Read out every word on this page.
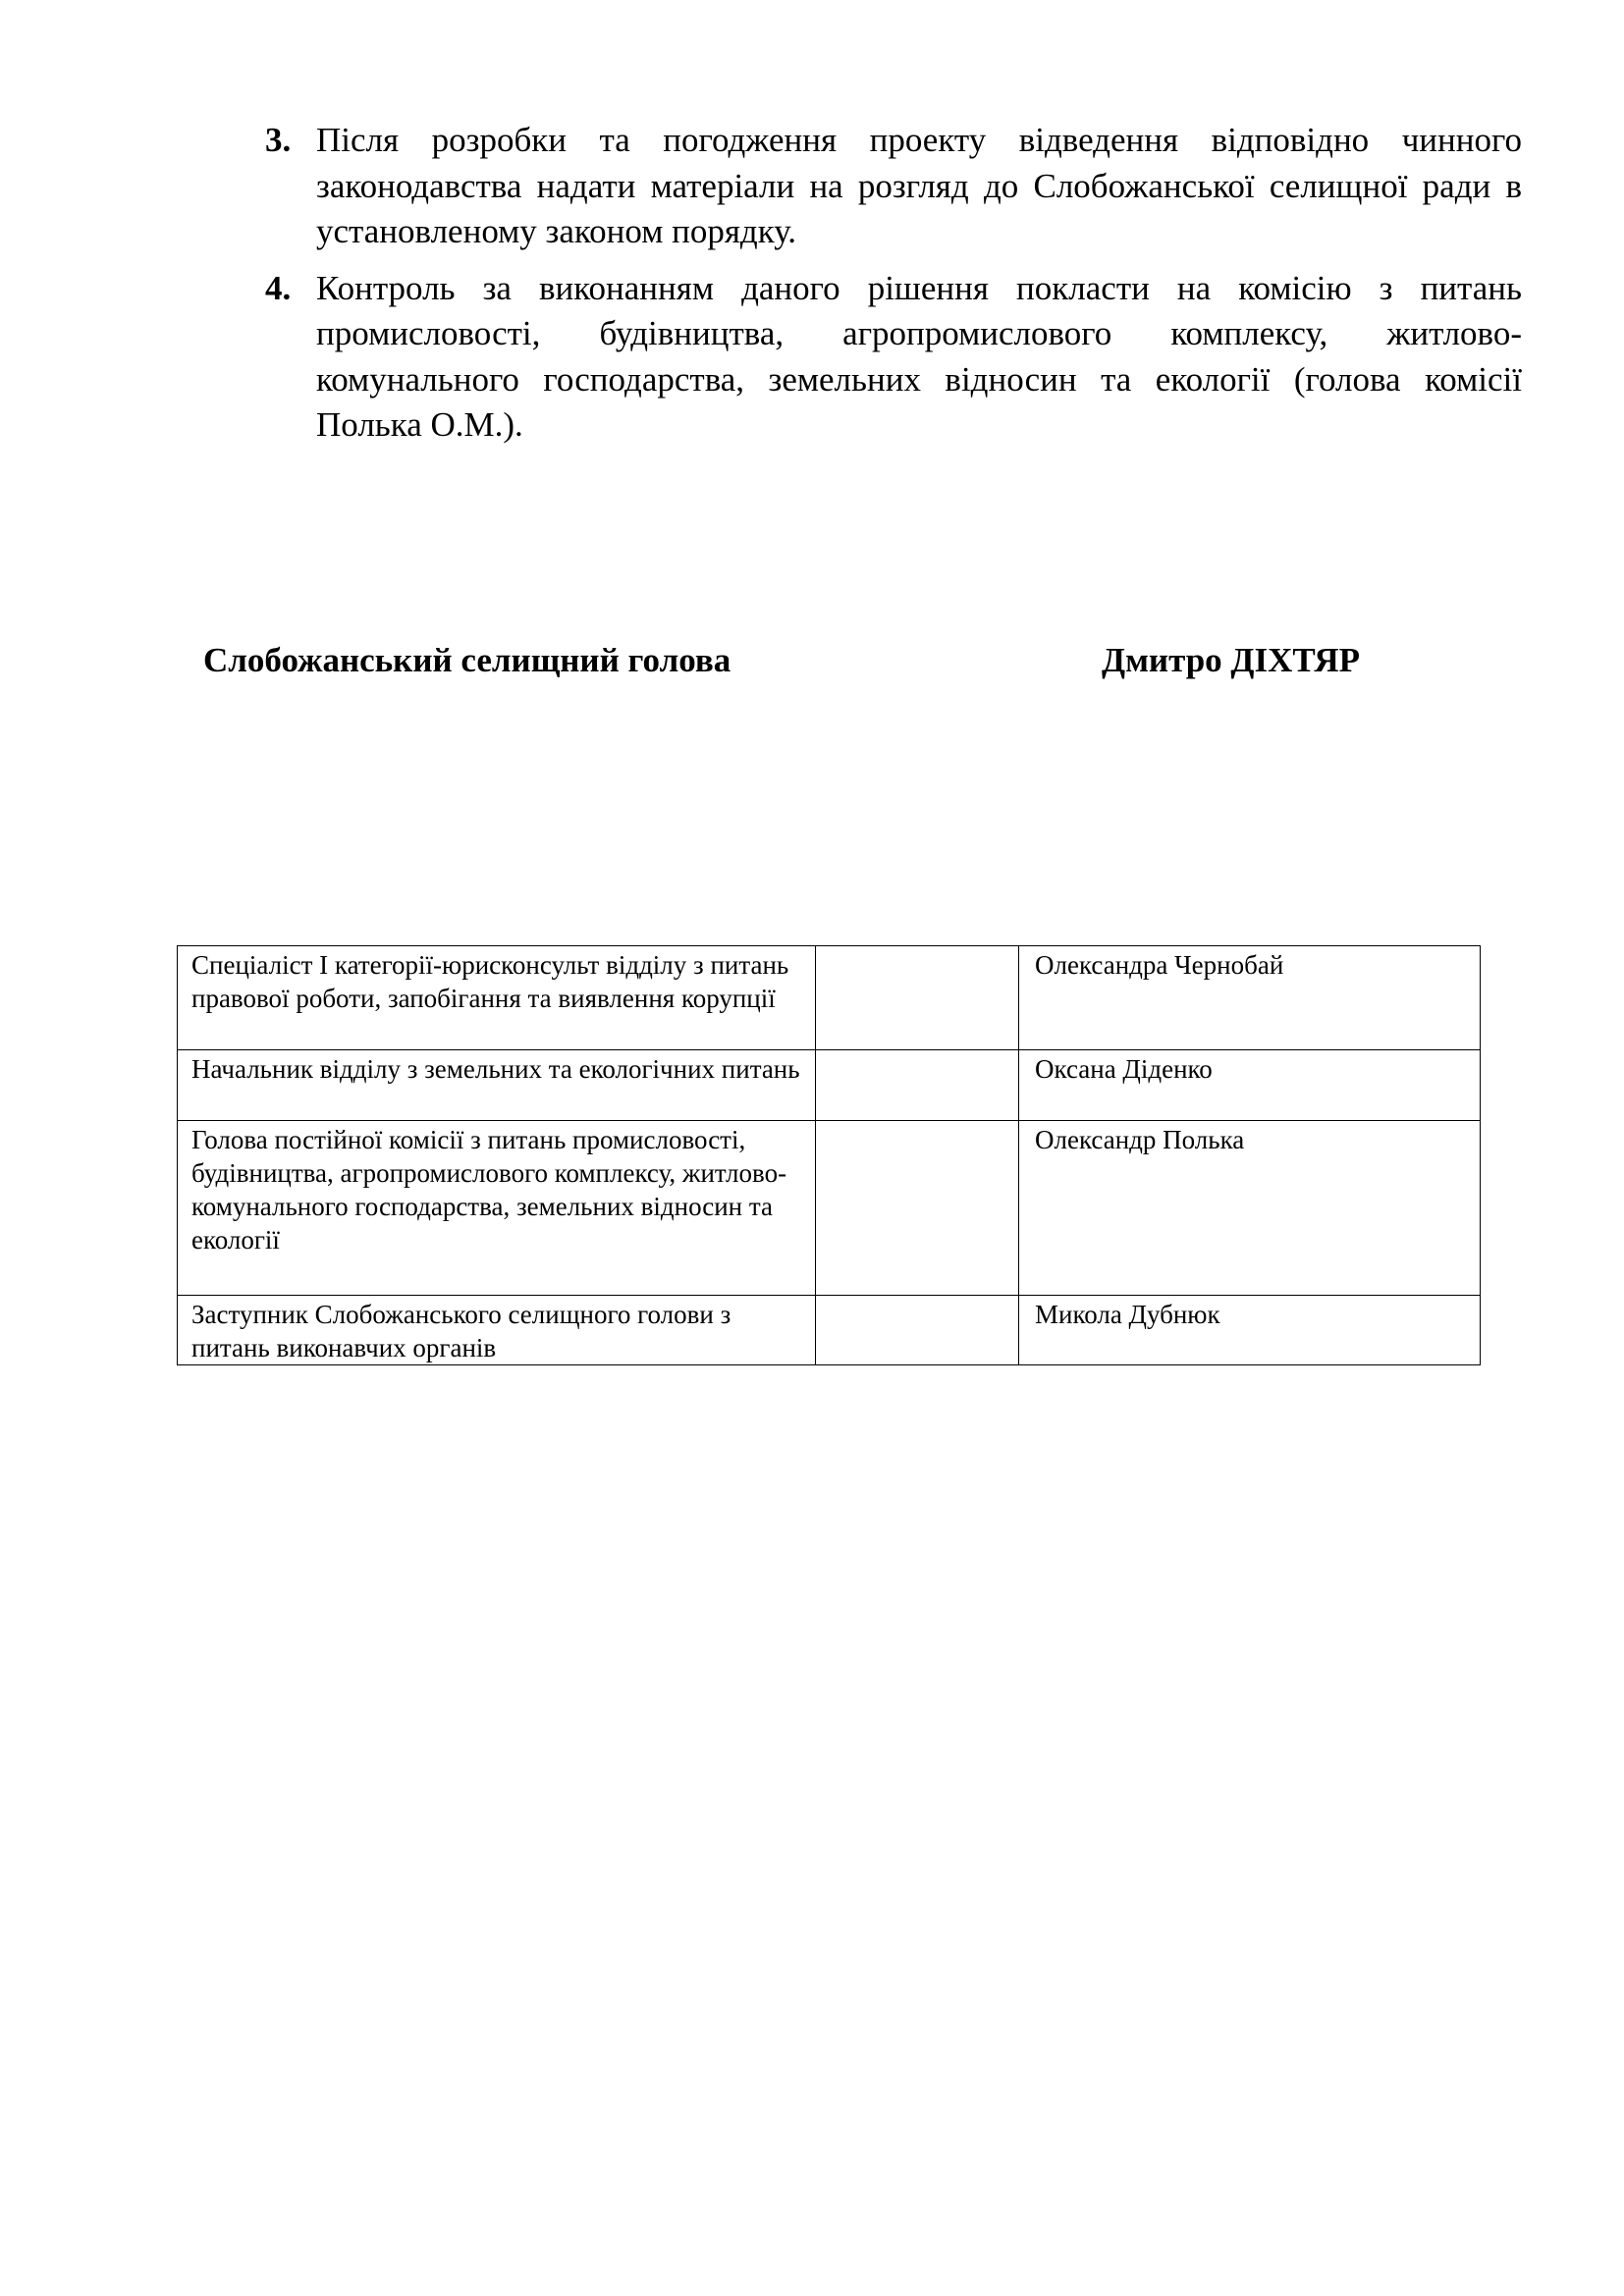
3. Після розробки та погодження проекту відведення відповідно чинного законодавства надати матеріали на розгляд до Слобожанської селищної ради в установленому законом порядку.
4. Контроль за виконанням даного рішення покласти на комісію з питань промисловості, будівництва, агропромислового комплексу, житлово-комунального господарства, земельних відносин та екології (голова комісії Полька О.М.).
Слобожанський селищний голова	Дмитро ДІХТЯР
Спеціаліст І категорії-юрисконсульт відділу з питань правової роботи, запобігання та виявлення корупції		Олександра Чернобай
Начальник відділу з земельних та екологічних питань		Оксана Діденко
Голова постійної комісії з питань промисловості, будівництва, агропромислового комплексу, житлово-комунального господарства, земельних відносин та екології		Олександр Полька
Заступник Слобожанського селищного голови з питань виконавчих органів		Микола Дубнюк
